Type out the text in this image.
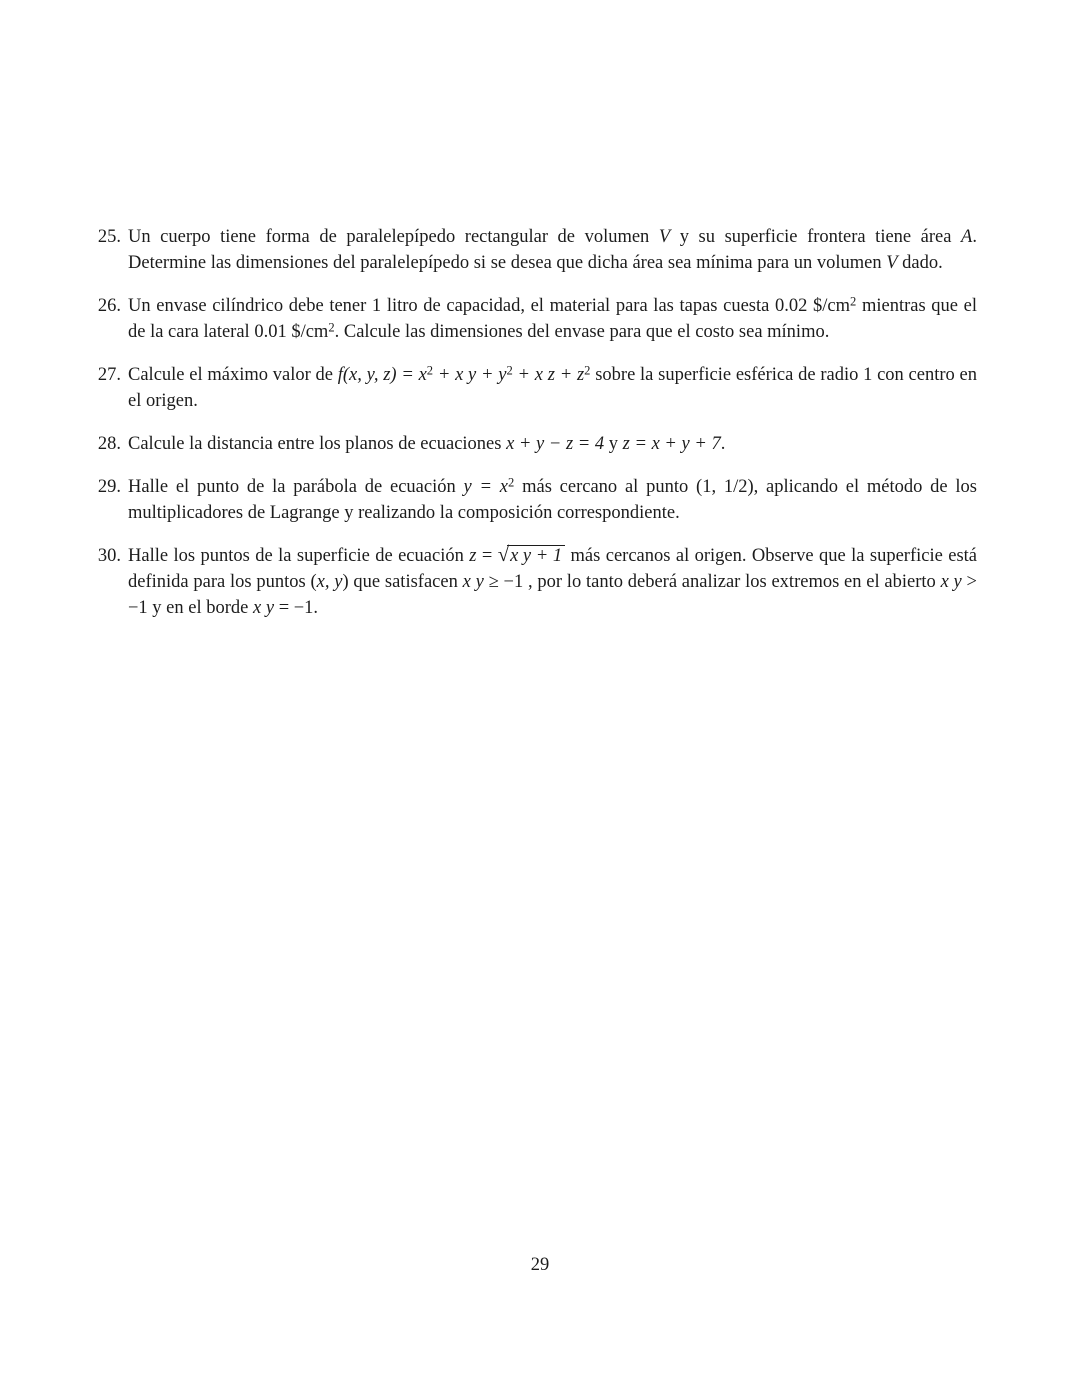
25. Un cuerpo tiene forma de paralelepípedo rectangular de volumen V y su superficie frontera tiene área A. Determine las dimensiones del paralelepípedo si se desea que dicha área sea mínima para un volumen V dado.
26. Un envase cilíndrico debe tener 1 litro de capacidad, el material para las tapas cuesta 0.02 $\$/cm^2$ mientras que el de la cara lateral 0.01 $\$/cm^2$. Calcule las dimensiones del envase para que el costo sea mínimo.
27. Calcule el máximo valor de f(x, y, $z) = x^2 + x$ $y + y^2 + x$ $z + z^2$ sobre la superficie esférica de radio 1 con centro en el origen.
28. Calcule la distancia entre los planos de ecuaciones x + y − z = 4 y z = x + y + 7.
29. Halle el punto de la parábola de ecuación $y = x^2$ más cercano al punto (1, 1/2), aplicando el método de los multiplicadores de Lagrange y realizando la composición correspondiente.
30. Halle los puntos de la superficie de ecuación z = √x y + 1 más cercanos al origen. Observe que la superficie está definida para los puntos (x, y) que satisfacen x y ≥ −1 , por lo tanto deberá analizar los extremos en el abierto x y > −1 y en el borde x y = −1.
29
